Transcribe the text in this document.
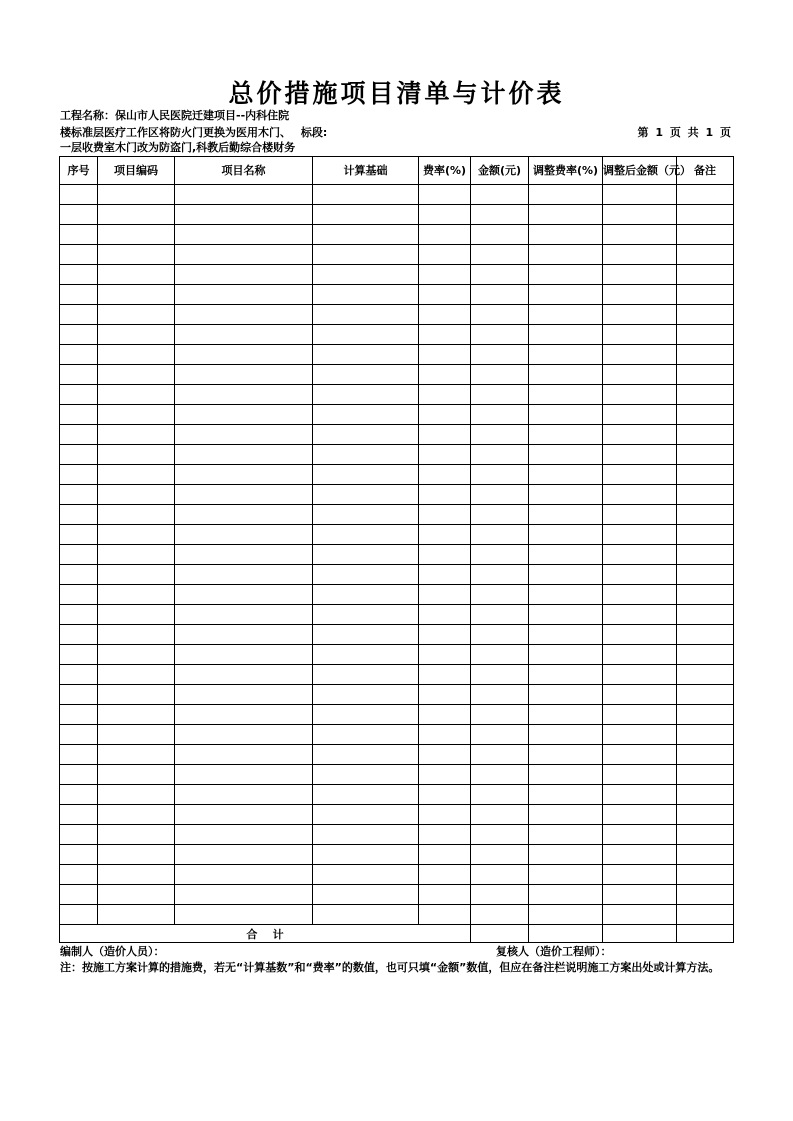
总价措施项目清单与计价表
工程名称：保山市人民医院迁建项目--内科住院
楼标准层医疗工作区将防火门更换为医用木门、 标段:
一层收费室木门改为防盗门,科教后勤综合楼财务
第 1 页 共 1 页
序号	项目编码	项目名称	计算基础	费率(%)	金额(元)	调整费率(%)	调整后金额（元）	备注

合    计								
编制人（造价人员）：	复核人（造价工程师）：
注：按施工方案计算的措施费，若无“计算基数”和“费率”的数值，也可只填“金额”数值，但应在备注栏说明施工方案出处或计算方法。
